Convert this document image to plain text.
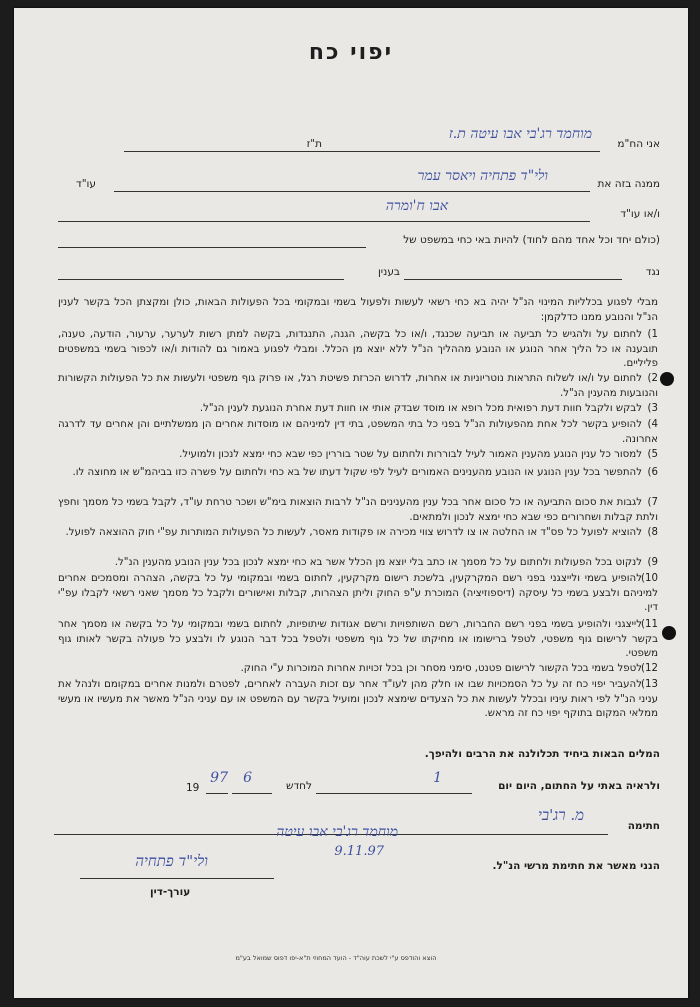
יפוי כח
אני הח"מ
ת"ז
מוחמד רג'בי אבו עיטה ת.ז
ממנה בזה את
עו"ד	ולי"ד פתחיה ויאסר עמר
ו/או עו"ד
אבו ח'ומרה
(כולם יחד וכל אחד מהם לחוד) להיות באי כחי במשפט של
נגד
בענין
מבלי לפגוע בכלליות המינוי הנ"ל יהיה בא כחי רשאי לעשות ולפעול בשמי ובמקומי בכל הפעולות הבאות, כולן ומקצתן הכל בקשר לענין הנ"ל והנובע ממנו כדלקמן:
1)לחתום על ולהגיש כל תביעה או תביעה שכנגד, ו/או כל בקשה, הגנה, התנגדות, בקשה למתן רשות לערער, ערעור, הודעה, טענה, תובענה או כל הליך אחר הנוגע או הנובע מההליך הנ"ל ללא יוצא מן הכלל. ומבלי לפגוע באמור גם להודות ו/או לכפור בשמי במשפטים פליליים.
2)לחתום על ו/או לשלוח התראות נוטריוניות או אחרות, לדרוש הכרזת פשיטת רגל, או פרוק גוף משפטי ולעשות את כל הפעולות הקשורות והנובעות מהענין הנ"ל.
3)לבקש ולקבל חוות דעת רפואית מכל רופא או מוסד שבדק אותי או חוות דעת אחרת הנוגעת לענין הנ"ל.
4)להופיע בקשר לכל אחת מהפעולות הנ"ל בפני כל בתי המשפט, בתי דין למיניהם או מוסדות אחרים הן ממשלתיים והן אחרים עד לדרגה אחרונה.
5)למסור כל ענין הנוגע מהענין האמור לעיל לבוררות ולחתום על שטר בוררין כפי שבא כחי ימצא לנכון ולמועיל.
6)להתפשר בכל ענין הנוגע או הנובע מהענינים האמורים לעיל לפי שקול דעתו של בא כחי ולחתום על פשרה כזו בביהמ"ש או מחוצה לו.
7)לגבות את סכום התביעה או כל סכום אחר בכל ענין מהענינים הנ"ל לרבות הוצאות בימ"ש ושכר טרחת עו"ד, לקבל בשמי כל מסמך וחפץ ולתת קבלות ושחרורים כפי שבא כחי ימצא לנכון ולמתאים.
8)להוציא לפועל כל פס"ד או החלטה או צו לדרוש צווי מכירה או פקודות מאסר, לעשות כל הפעולות המותרות עפ"י חוק ההוצאה לפועל.
9)לנקוט בכל הפעולות ולחתום על כל מסמך או כתב בלי יוצא מן הכלל אשר בא כחי ימצא לנכון בכל ענין הנובע מהענין הנ"ל.
10)להופיע בשמי ולייצגני בפני רשם המקרקעין, בלשכת רישום מקרקעין, לחתום בשמי ובמקומי על כל בקשה, הצהרה ומסמכים אחרים למיניהם ולבצע בשמי כל עיסקה (דיספוזיציה) המוכרת ע"פ החוק וליתן הצהרות, קבלות ואישורים ולקבל כל מסמך שאני רשאי לקבלו עפ"י דין.
11)לייצגני ולהופיע בשמי בפני רשם החברות, רשם השותפויות ורשם אגודות שיתופיות, לחתום בשמי ובמקומי על כל בקשה או מסמך אחר בקשר לרישום גוף משפטי, לטפל ברישומו או מחיקתו של כל גוף משפטי ולטפל בכל דבר הנוגע לו ולבצע כל פעולה בקשר לאותו גוף משפטי.
12)לטפל בשמי בכל הקשור לרישום פטנט, סימני מסחר וכן בכל זכויות אחרות המוכרות ע"י החוק.
13)להעביר יפוי כח זה על כל הסמכויות שבו או חלק מהן לעו"ד אחר עם זכות העברה לאחרים, לפטרם ולמנות אחרים במקומם ולנהל את עניני הנ"ל לפי ראות עיניו ובכלל לעשות את כל הצעדים שימצא לנכון ומועיל בקשר עם המשפט או עם עניני הנ"ל מאשר את מעשיו או מעשי ממלאי המקום בתוקף יפוי כח זה מראש.
המלים הבאות ביחיד תכלולנה את הרבים ולהיפך.
ולראיה באתי על החתום, היום יום
1
לחדש
6
97
19
חתימה
מ. רג'בי
מוחמד רג'בי אבו עיטה
9.11.97
הנני מאשר את חתימת מרשי הנ"ל.
ולי"ד פתחיה
עורך-דין
הוצא והודפס ע"י לשכת עוה"ד - הועד המחוזי ת"א-יפו דפוס שמואל בע"מ
